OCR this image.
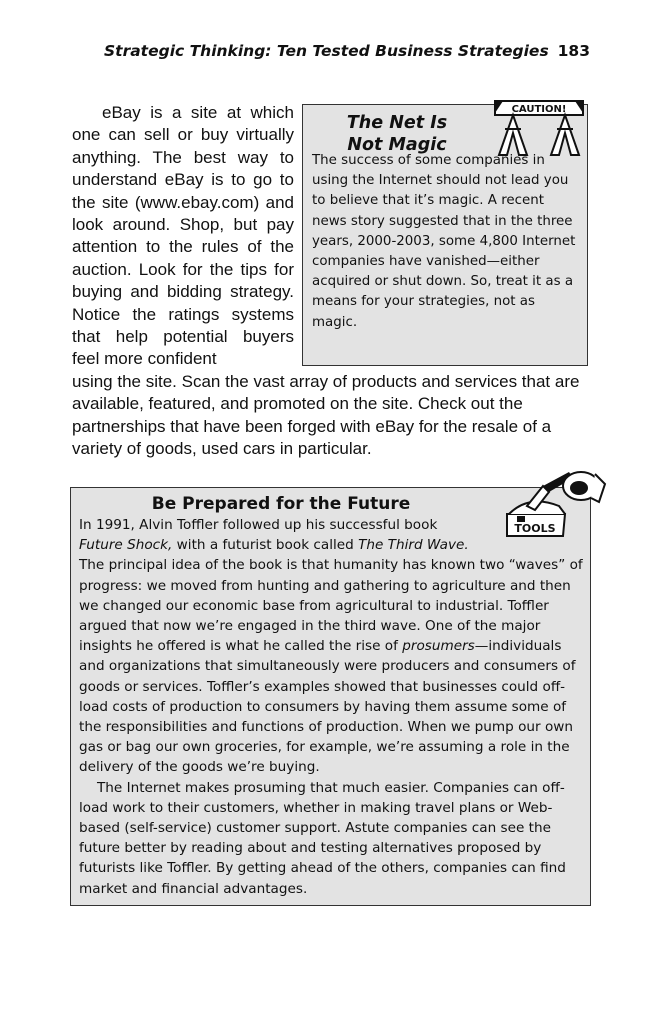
Strategic Thinking: Ten Tested Business Strategies 183
eBay is a site at which one can sell or buy virtually anything. The best way to understand eBay is to go to the site (www.ebay.com) and look around. Shop, but pay attention to the rules of the auction. Look for the tips for buying and bidding strategy. Notice the ratings systems that help potential buyers feel more confident
CAUTION!
The Net Is Not Magic

The success of some companies in using the Internet should not lead you to believe that it’s magic. A recent news story suggested that in the three years, 2000-2003, some 4,800 Internet companies have vanished—either acquired or shut down. So, treat it as a means for your strategies, not as magic.

using the site. Scan the vast array of products and services that are available, featured, and promoted on the site. Check out the partnerships that have been forged with eBay for the resale of a variety of goods, used cars in particular.
TOOLS
Be Prepared for the Future

In 1991, Alvin Toffler followed up his successful book
Future Shock, with a futurist book called The Third Wave.
The principal idea of the book is that humanity has known two “waves” of progress: we moved from hunting and gathering to agriculture and then we changed our economic base from agricultural to industrial. Toffler argued that now we’re engaged in the third wave. One of the major insights he offered is what he called the rise of prosumers—individuals and organizations that simultaneously were producers and consumers of goods or services. Toffler’s examples showed that businesses could off-load costs of production to consumers by having them assume some of the responsibilities and functions of production. When we pump our own gas or bag our own groceries, for example, we’re assuming a role in the delivery of the goods we’re buying.

The Internet makes prosuming that much easier. Companies can off-load work to their customers, whether in making travel plans or Web-based (self-service) customer support. Astute companies can see the future better by reading about and testing alternatives proposed by futurists like Toffler. By getting ahead of the others, companies can find market and financial advantages.
